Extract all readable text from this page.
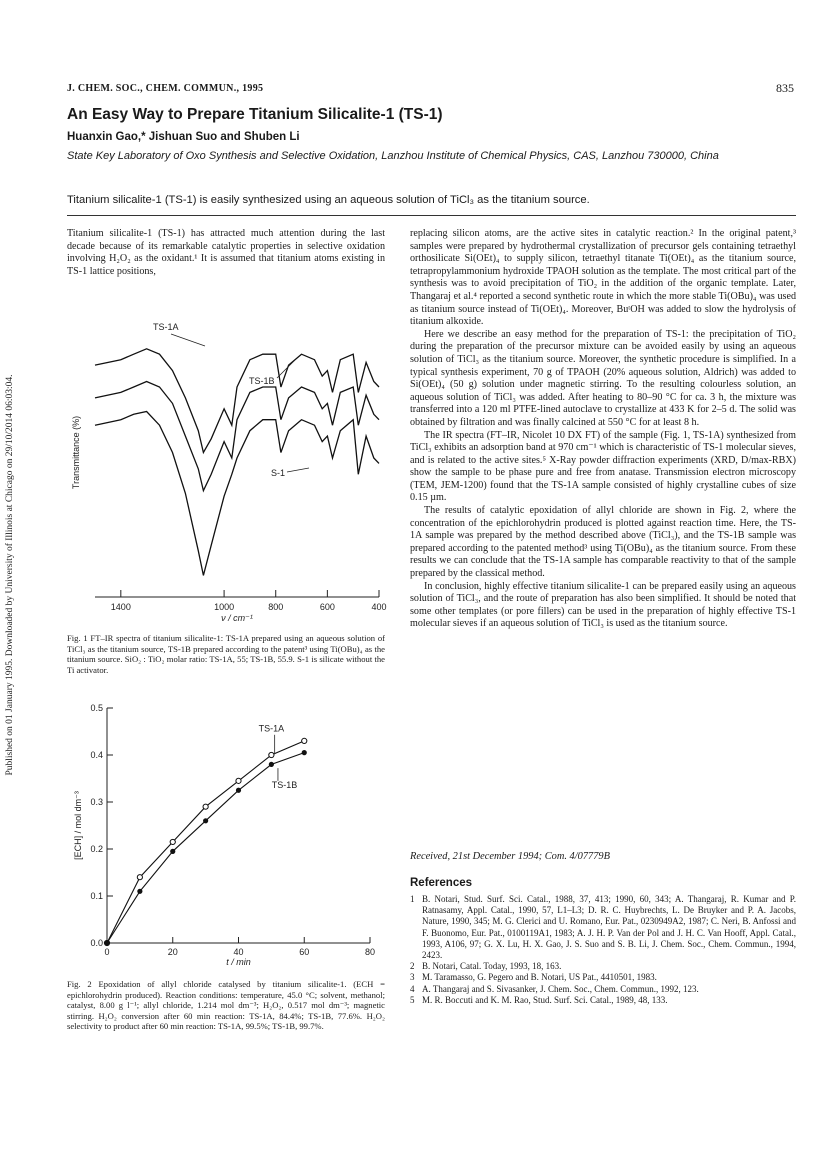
Published on 01 January 1995. Downloaded by University of Illinois at Chicago on 29/10/2014 06:03:04.
J. CHEM. SOC., CHEM. COMMUN., 1995	835
An Easy Way to Prepare Titanium Silicalite-1 (TS-1)
Huanxin Gao,* Jishuan Suo and Shuben Li
State Key Laboratory of Oxo Synthesis and Selective Oxidation, Lanzhou Institute of Chemical Physics, CAS, Lanzhou 730000, China
Titanium silicalite-1 (TS-1) is easily synthesized using an aqueous solution of TiCl₃ as the titanium source.

Titanium silicalite-1 (TS-1) has attracted much attention during the last decade because of its remarkable catalytic properties in selective oxidation involving H₂O₂ as the oxidant.¹ It is assumed that titanium atoms existing in TS-1 lattice positions,

replacing silicon atoms, are the active sites in catalytic reaction.² In the original patent,³ samples were prepared by hydrothermal crystallization of precursor gels containing tetraethyl orthosilicate Si(OEt)₄ to supply silicon, tetraethyl titanate Ti(OEt)₄ as the titanium source, tetrapropylammonium hydroxide TPAOH solution as the template. The most critical part of the synthesis was to avoid precipitation of TiO₂ in the addition of the organic template. Later, Thangaraj et al.⁴ reported a second synthetic route in which the more stable Ti(OBu)₄ was used as titanium source instead of Ti(OEt)₄. Moreover, BuᵗOH was added to slow the hydrolysis of titanium alkoxide.

Here we describe an easy method for the preparation of TS-1: the precipitation of TiO₂ during the preparation of the precursor mixture can be avoided easily by using an aqueous solution of TiCl₃ as the titanium source. Moreover, the synthetic procedure is simplified. In a typical synthesis experiment, 70 g of TPAOH (20% aqueous solution, Aldrich) was added to Si(OEt)₄ (50 g) solution under magnetic stirring. To the resulting colourless solution, an aqueous solution of TiCl₃ was added. After heating to 80–90 °C for ca. 3 h, the mixture was transferred into a 120 ml PTFE-lined autoclave to crystallize at 433 K for 2–5 d. The solid was obtained by filtration and was finally calcined at 550 °C for at least 8 h.

The IR spectra (FT–IR, Nicolet 10 DX FT) of the sample (Fig. 1, TS-1A) synthesized from TiCl₃ exhibits an adsorption band at 970 cm⁻¹ which is characteristic of TS-1 molecular sieves, and is related to the active sites.⁵ X-Ray powder diffraction experiments (XRD, D/max-RBX) show the sample to be phase pure and free from anatase. Transmission electron microscopy (TEM, JEM-1200) found that the TS-1A sample consisted of highly crystalline cubes of size 0.15 µm.

The results of catalytic epoxidation of allyl chloride are shown in Fig. 2, where the concentration of the epichlorohydrin produced is plotted against reaction time. Here, the TS-1A sample was prepared by the method described above (TiCl₃), and the TS-1B sample was prepared according to the patented method³ using Ti(OBu)₄ as the titanium source. From these results we can conclude that the TS-1A sample has comparable reactivity to that of the sample prepared by the classical method.

In conclusion, highly effective titanium silicalite-1 can be prepared easily using an aqueous solution of TiCl₃, and the route of preparation has also been simplified. It should be noted that some other templates (or pore fillers) can be used in the preparation of highly effective TS-1 molecular sieves if an aqueous solution of TiCl₃ is used as the titanium source.

Received, 21st December 1994; Com. 4/07779B
References
1 B. Notari, Stud. Surf. Sci. Catal., 1988, 37, 413; 1990, 60, 343; A. Thangaraj, R. Kumar and P. Ratnasamy, Appl. Catal., 1990, 57, L1–L3; D. R. C. Huybrechts, L. De Bruyker and P. A. Jacobs, Nature, 1990, 345; M. G. Clerici and U. Romano, Eur. Pat., 0230949A2, 1987; C. Neri, B. Anfossi and F. Buonomo, Eur. Pat., 0100119A1, 1983; A. J. H. P. Van der Pol and J. H. C. Van Hooff, Appl. Catal., 1993, A106, 97; G. X. Lu, H. X. Gao, J. S. Suo and S. B. Li, J. Chem. Soc., Chem. Commun., 1994, 2423.
2 B. Notari, Catal. Today, 1993, 18, 163.
3 M. Taramasso, G. Pegero and B. Notari, US Pat., 4410501, 1983.
4 A. Thangaraj and S. Sivasanker, J. Chem. Soc., Chem. Commun., 1992, 123.
5 M. R. Boccuti and K. M. Rao, Stud. Surf. Sci. Catal., 1989, 48, 133.
1400	1000	800	600	400
ν / cm⁻¹
Transmittance (%)
TS-1A
TS-1B
S-1
Fig. 1 FT–IR spectra of titanium silicalite-1: TS-1A prepared using an aqueous solution of TiCl₃ as the titanium source, TS-1B prepared according to the patent³ using Ti(OBu)₄ as the titanium source. SiO₂ : TiO₂ molar ratio: TS-1A, 55; TS-1B, 55.9. S-1 is silicate without the Ti activator.
0.0
0.1
0.2
0.3
0.4
0.5
0	20	40	60	80
t / min
[ECH] / mol dm⁻³
TS-1A
TS-1B
Fig. 2 Epoxidation of allyl chloride catalysed by titanium silicalite-1. (ECH = epichlorohydrin produced). Reaction conditions: temperature, 45.0 °C; solvent, methanol; catalyst, 8.00 g l⁻¹; allyl chloride, 1.214 mol dm⁻³; H₂O₂, 0.517 mol dm⁻³; magnetic stirring. H₂O₂ conversion after 60 min reaction: TS-1A, 84.4%; TS-1B, 77.6%. H₂O₂ selectivity to product after 60 min reaction: TS-1A, 99.5%; TS-1B, 99.7%.
